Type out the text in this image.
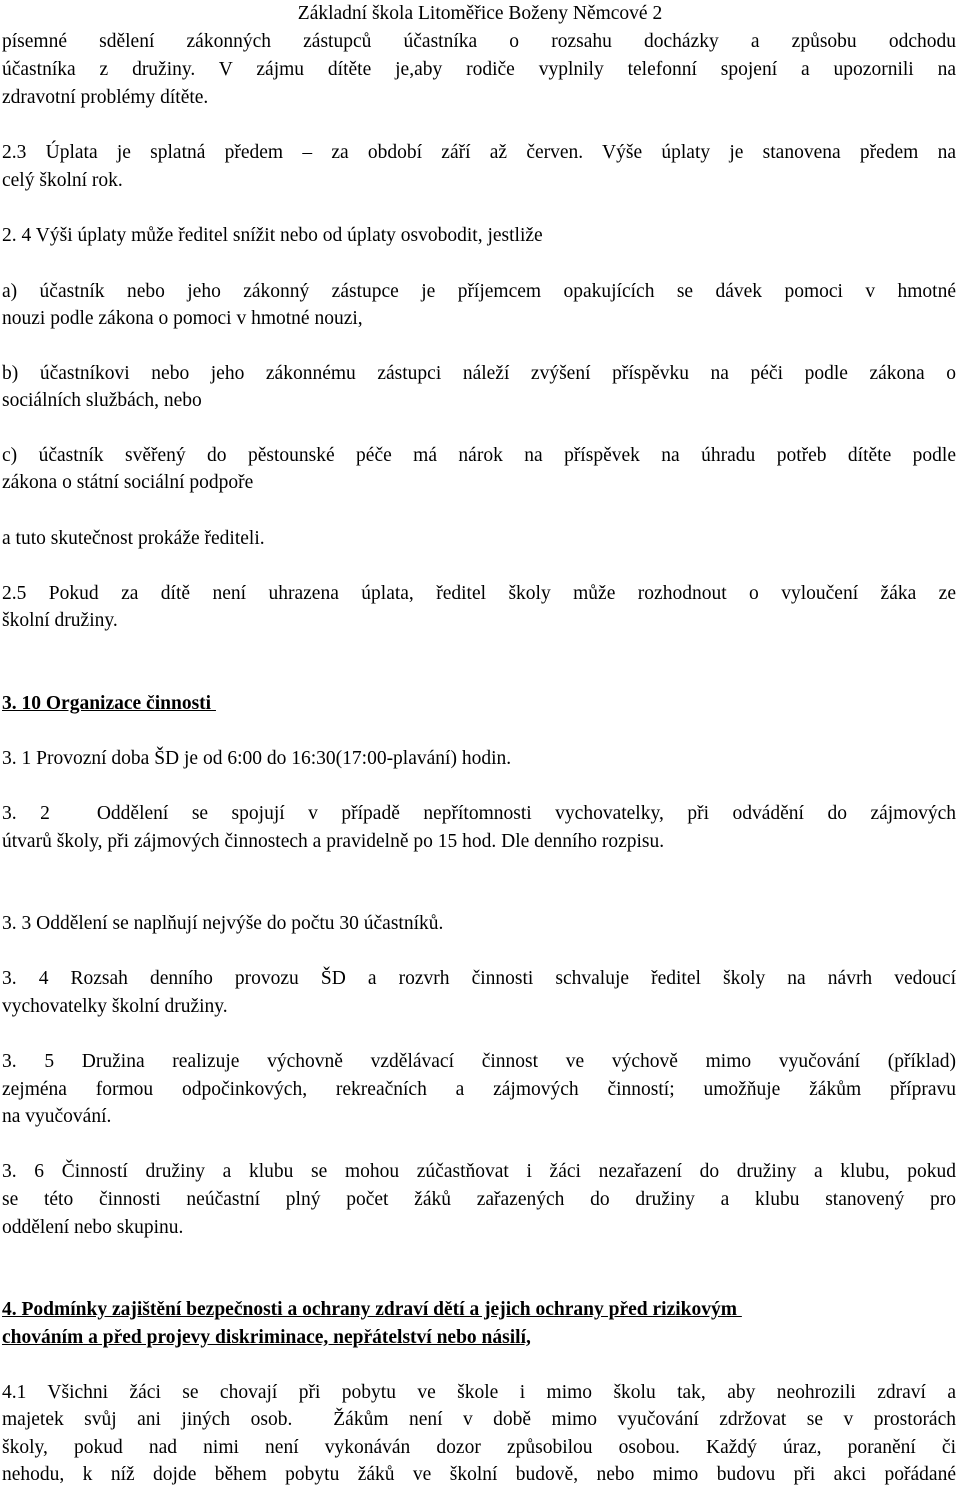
Základní škola Litoměřice Boženy Němcové 2
písemné sdělení zákonných zástupců účastníka o rozsahu docházky a způsobu odchodu
účastníka z družiny. V zájmu dítěte je,aby rodiče vyplnily telefonní spojení a upozornili na
zdravotní problémy dítěte.
2.3 Úplata je splatná předem – za období září až červen. Výše úplaty je stanovena předem na
celý školní rok.
2. 4 Výši úplaty může ředitel snížit nebo od úplaty osvobodit, jestliže
a) účastník nebo jeho zákonný zástupce je příjemcem opakujících se dávek pomoci v hmotné
nouzi podle zákona o pomoci v hmotné nouzi,
b) účastníkovi nebo jeho zákonnému zástupci náleží zvýšení příspěvku na péči podle zákona o
sociálních službách, nebo
c) účastník svěřený do pěstounské péče má nárok na příspěvek na úhradu potřeb dítěte podle
zákona o státní sociální podpoře
a tuto skutečnost prokáže řediteli.
2.5 Pokud za dítě není uhrazena úplata, ředitel školy může rozhodnout o vyloučení žáka ze
školní družiny.
3. 10 Organizace činnosti
3. 1 Provozní doba ŠD je od 6:00 do 16:30(17:00-plavání) hodin.
3. 2  Oddělení se spojují v případě nepřítomnosti vychovatelky, při odvádění do zájmových
útvarů školy, při zájmových činnostech a pravidelně po 15 hod. Dle denního rozpisu.
3. 3 Oddělení se naplňují nejvýše do počtu 30 účastníků.
3. 4 Rozsah denního provozu ŠD a rozvrh činnosti schvaluje ředitel školy na návrh vedoucí
vychovatelky školní družiny.
3. 5 Družina realizuje výchovně vzdělávací činnost ve výchově mimo vyučování (příklad)
zejména formou odpočinkových, rekreačních a zájmových činností; umožňuje žákům přípravu
na vyučování.
3. 6 Činností družiny a klubu se mohou zúčastňovat i žáci nezařazení do družiny a klubu, pokud
se této činnosti neúčastní plný počet žáků zařazených do družiny a klubu stanovený pro
oddělení nebo skupinu.
4. Podmínky zajištění bezpečnosti a ochrany zdraví dětí a jejich ochrany před rizikovým
chováním a před projevy diskriminace, nepřátelství nebo násilí,
4.1 Všichni žáci se chovají při pobytu ve škole i mimo školu tak, aby neohrozili zdraví a
majetek svůj ani jiných osob.  Žákům není v době mimo vyučování zdržovat se v prostorách
školy, pokud nad nimi není vykonáván dozor způsobilou osobou. Každý úraz, poranění či
nehodu, k níž dojde během pobytu žáků ve školní budově, nebo mimo budovu při akci pořádané
